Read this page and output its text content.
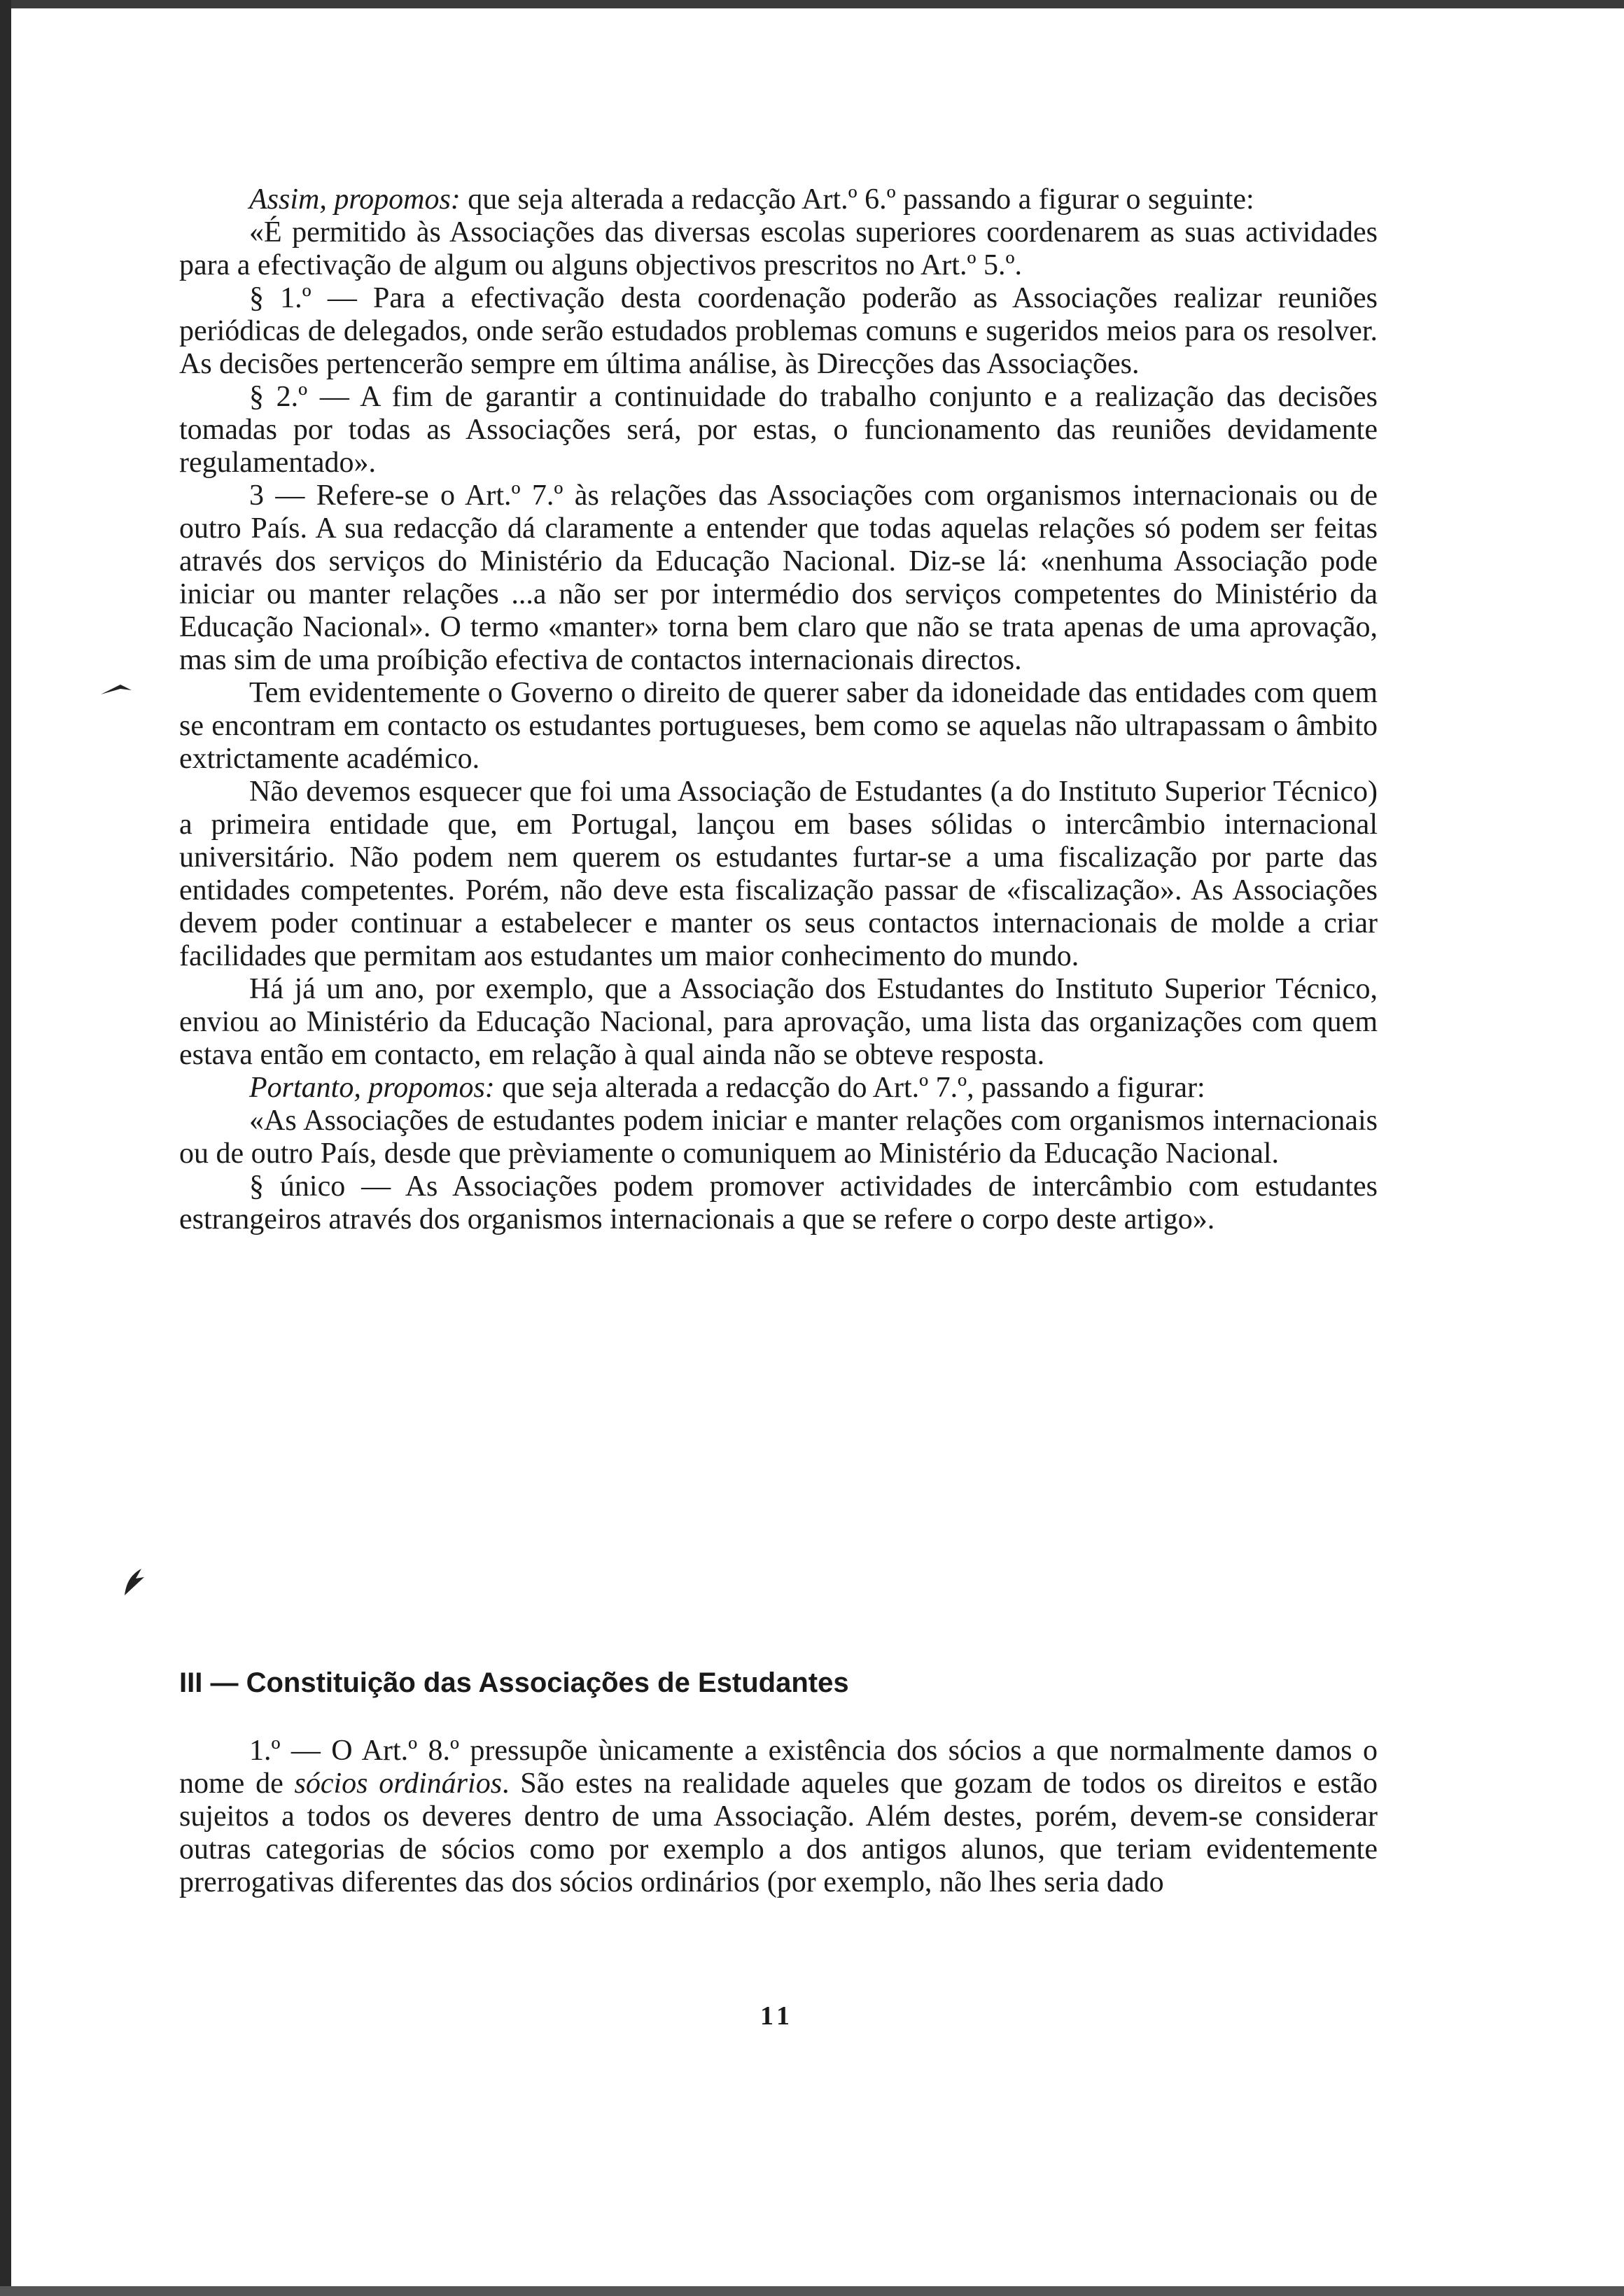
Assim, propomos: que seja alterada a redacção Art.º 6.º passando a figurar o seguinte:

«É permitido às Associações das diversas escolas superiores coordenarem as suas actividades para a efectivação de algum ou alguns objectivos prescritos no Art.º 5.º.

§ 1.º — Para a efectivação desta coordenação poderão as Associações realizar reuniões periódicas de delegados, onde serão estudados problemas comuns e sugeridos meios para os resolver. As decisões pertencerão sempre em última análise, às Direcções das Associações.

§ 2.º — A fim de garantir a continuidade do trabalho conjunto e a realização das decisões tomadas por todas as Associações será, por estas, o funcionamento das reuniões devidamente regulamentado».

3 — Refere-se o Art.º 7.º às relações das Associações com organismos internacionais ou de outro País. A sua redacção dá claramente a entender que todas aquelas relações só podem ser feitas através dos serviços do Ministério da Educação Nacional. Diz-se lá: «nenhuma Associação pode iniciar ou manter relações ...a não ser por intermédio dos serviços competentes do Ministério da Educação Nacional». O termo «manter» torna bem claro que não se trata apenas de uma aprovação, mas sim de uma proíbição efectiva de contactos internacionais directos.

Tem evidentemente o Governo o direito de querer saber da idoneidade das entidades com quem se encontram em contacto os estudantes portugueses, bem como se aquelas não ultrapassam o âmbito extrictamente académico.

Não devemos esquecer que foi uma Associação de Estudantes (a do Instituto Superior Técnico) a primeira entidade que, em Portugal, lançou em bases sólidas o intercâmbio internacional universitário. Não podem nem querem os estudantes furtar-se a uma fiscalização por parte das entidades competentes. Porém, não deve esta fiscalização passar de «fiscalização». As Associações devem poder continuar a estabelecer e manter os seus contactos internacionais de molde a criar facilidades que permitam aos estudantes um maior conhecimento do mundo.

Há já um ano, por exemplo, que a Associação dos Estudantes do Instituto Superior Técnico, enviou ao Ministério da Educação Nacional, para aprovação, uma lista das organizações com quem estava então em contacto, em relação à qual ainda não se obteve resposta.

Portanto, propomos: que seja alterada a redacção do Art.º 7.º, passando a figurar:

«As Associações de estudantes podem iniciar e manter relações com organismos internacionais ou de outro País, desde que prèviamente o comuniquem ao Ministério da Educação Nacional.

§ único — As Associações podem promover actividades de intercâmbio com estudantes estrangeiros através dos organismos internacionais a que se refere o corpo deste artigo».

III — Constituição das Associações de Estudantes

1.º — O Art.º 8.º pressupõe ùnicamente a existência dos sócios a que normalmente damos o nome de sócios ordinários. São estes na realidade aqueles que gozam de todos os direitos e estão sujeitos a todos os deveres dentro de uma Associação. Além destes, porém, devem-se considerar outras categorias de sócios como por exemplo a dos antigos alunos, que teriam evidentemente prerrogativas diferentes das dos sócios ordinários (por exemplo, não lhes seria dado

11
